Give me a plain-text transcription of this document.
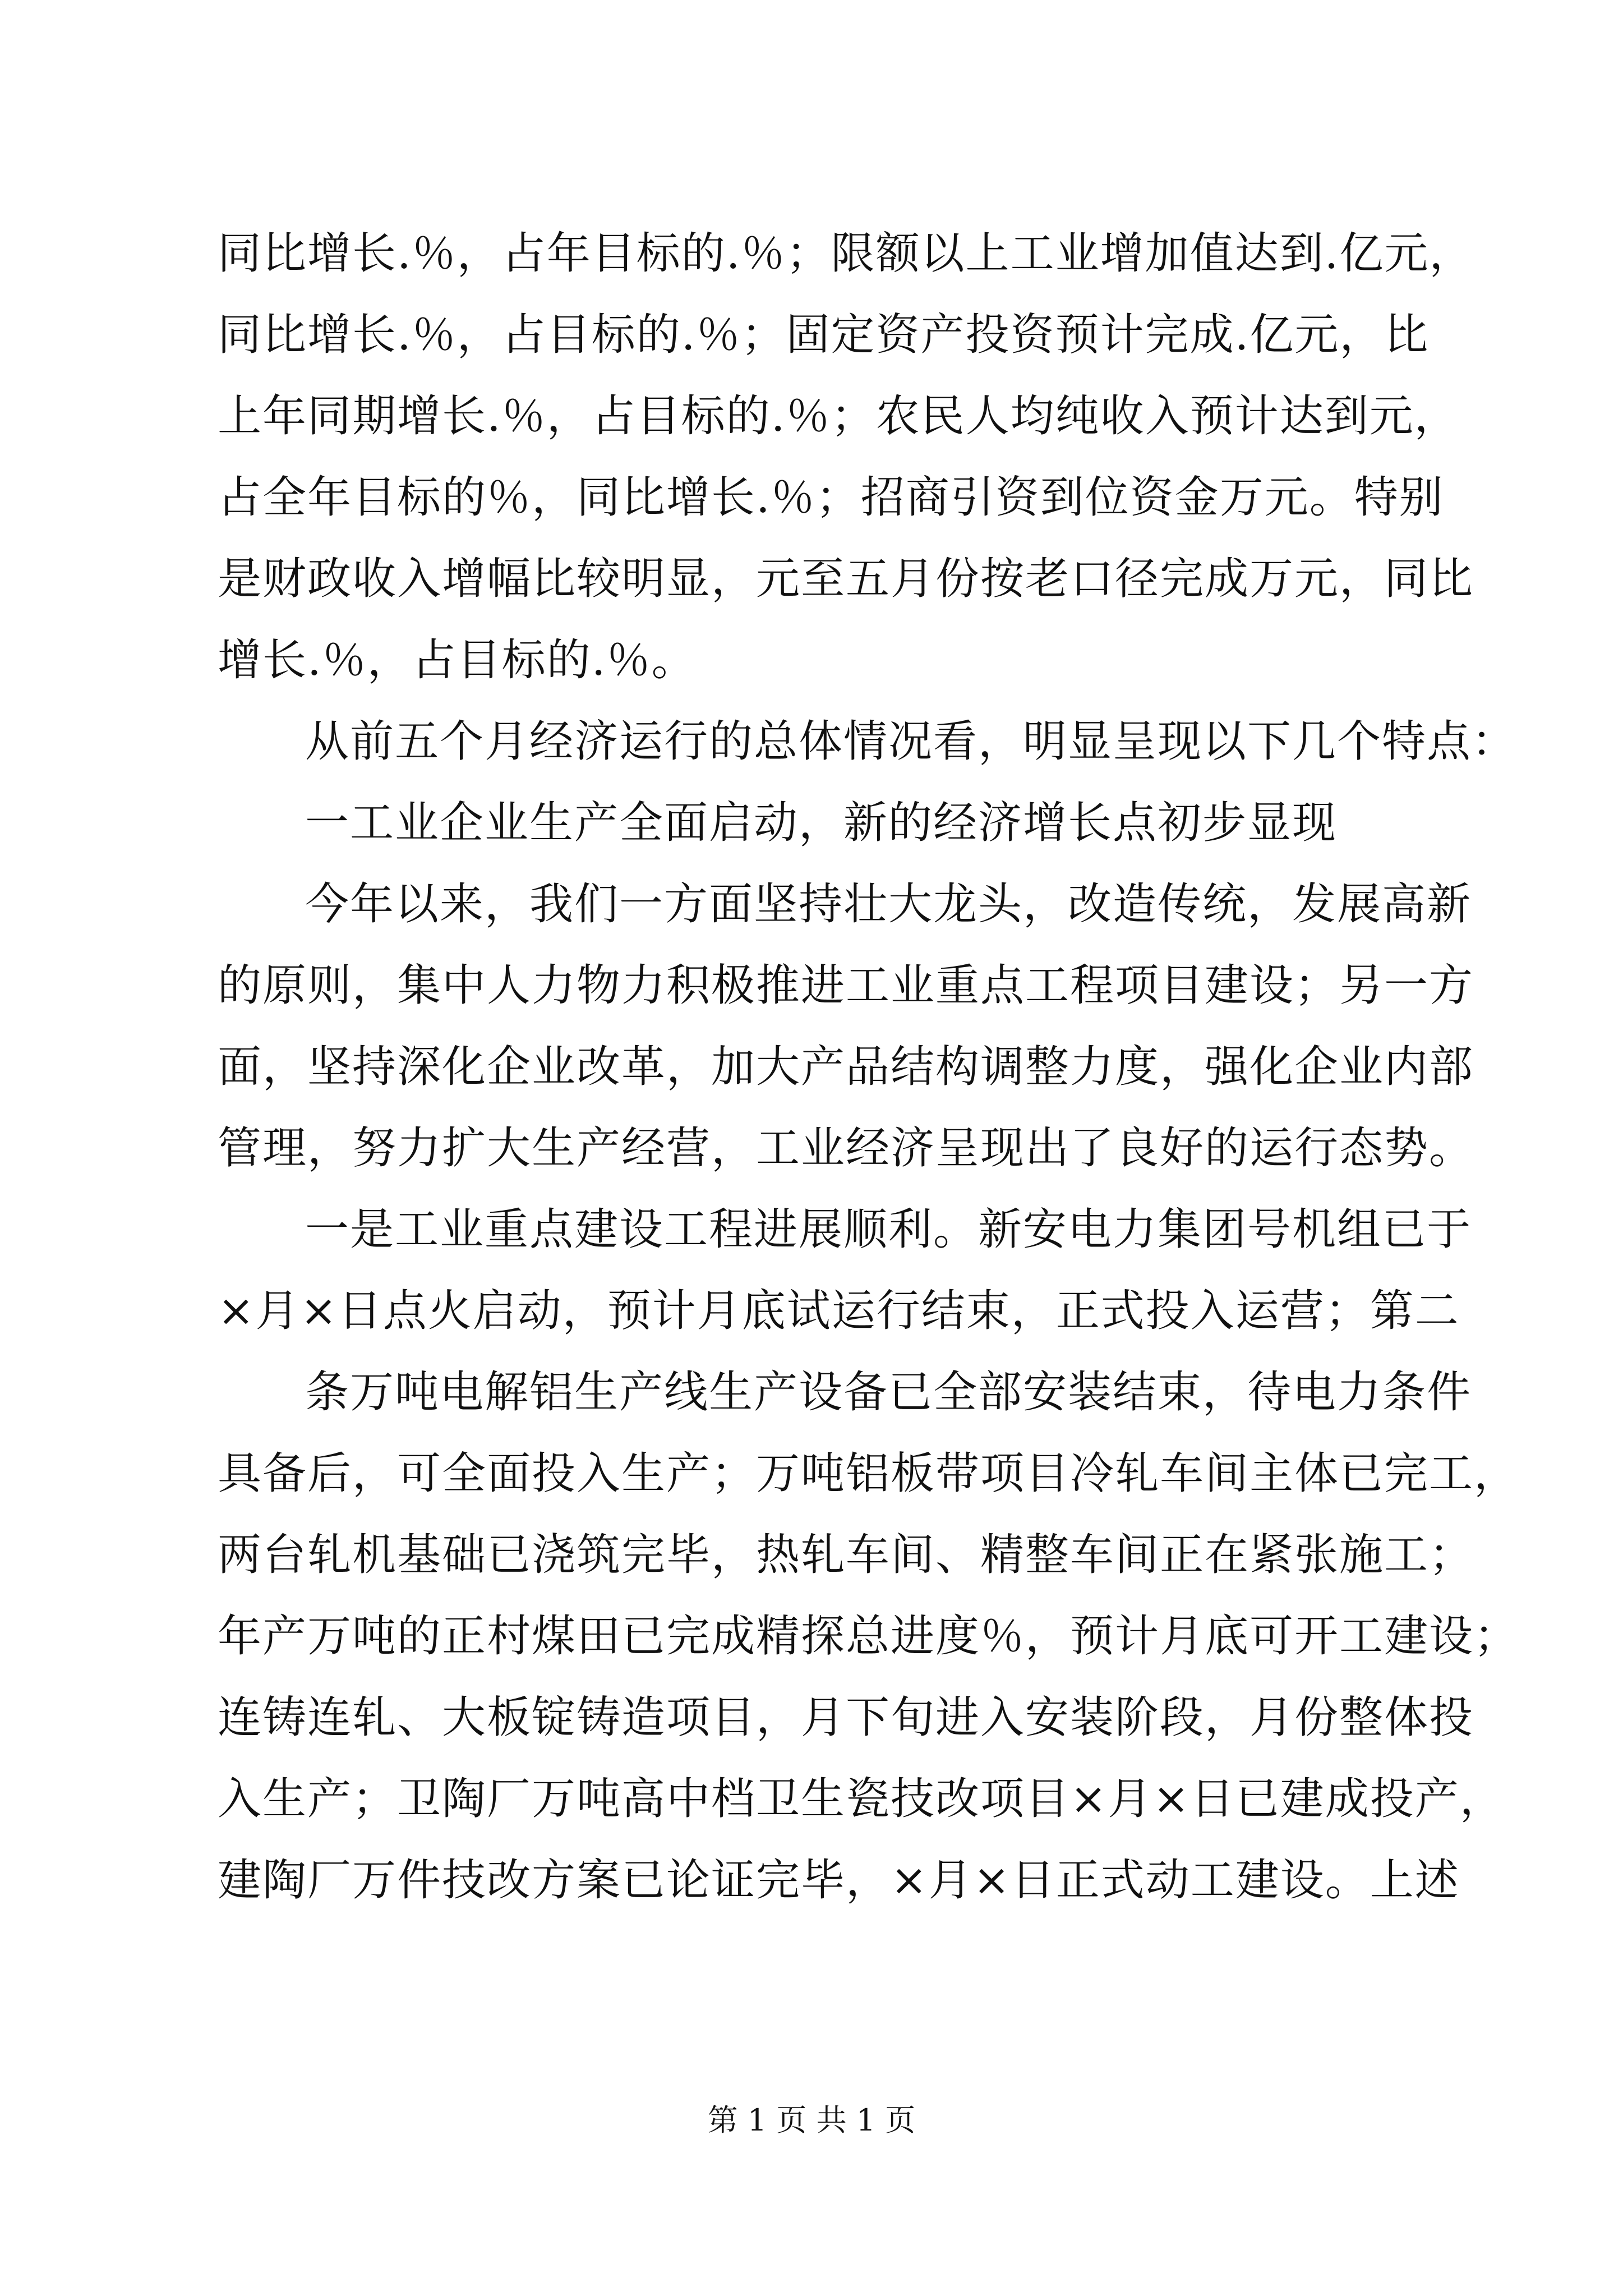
同比增长.％，占年目标的.％；限额以上工业增加值达到.亿元，
同比增长.％，占目标的.％；固定资产投资预计完成.亿元，比
上年同期增长.％，占目标的.％；农民人均纯收入预计达到元，
占全年目标的％，同比增长.％；招商引资到位资金万元。特别
是财政收入增幅比较明显，元至五月份按老口径完成万元，同比
增长.％，占目标的.％。
从前五个月经济运行的总体情况看，明显呈现以下几个特点：
一工业企业生产全面启动，新的经济增长点初步显现
今年以来，我们一方面坚持壮大龙头，改造传统，发展高新
的原则，集中人力物力积极推进工业重点工程项目建设；另一方
面，坚持深化企业改革，加大产品结构调整力度，强化企业内部
管理，努力扩大生产经营，工业经济呈现出了良好的运行态势。
一是工业重点建设工程进展顺利。新安电力集团号机组已于
×月×日点火启动，预计月底试运行结束，正式投入运营；第二
条万吨电解铝生产线生产设备已全部安装结束，待电力条件
具备后，可全面投入生产；万吨铝板带项目冷轧车间主体已完工，
两台轧机基础已浇筑完毕，热轧车间、精整车间正在紧张施工；
年产万吨的正村煤田已完成精探总进度％，预计月底可开工建设；
连铸连轧、大板锭铸造项目，月下旬进入安装阶段，月份整体投
入生产；卫陶厂万吨高中档卫生瓷技改项目×月×日已建成投产，
建陶厂万件技改方案已论证完毕，×月×日正式动工建设。上述
第 1 页 共 1 页
